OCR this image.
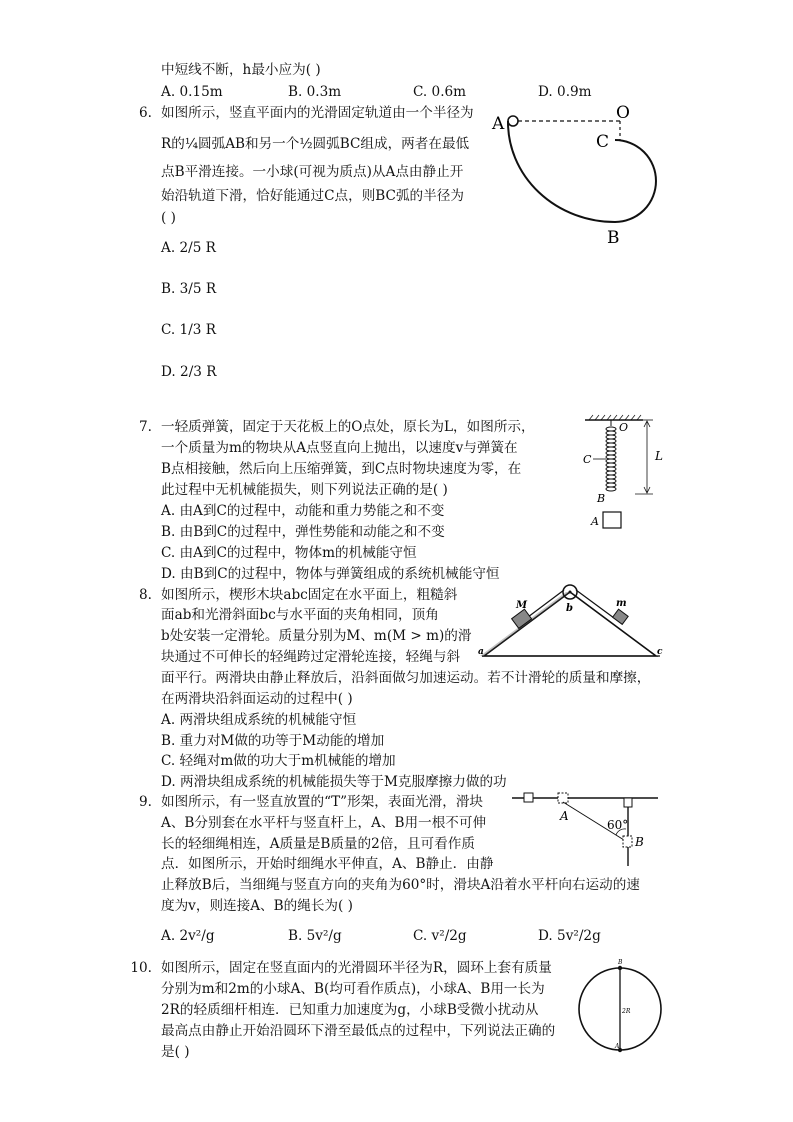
中短线不断，h最小应为( )
A. 0.15m	B. 0.3m	C. 0.6m	D. 0.9m
6. 如图所示，竖直平面内的光滑固定轨道由一个半径为
R的¼圆弧AB和另一个½圆弧BC组成，两者在最低
点B平滑连接。一小球(可视为质点)从A点由静止开
始沿轨道下滑，恰好能通过C点，则BC弧的半径为
( )
A. 2/5 R
B. 3/5 R
C. 1/3 R
D. 2/3 R
A
O
C
B
7. 一轻质弹簧，固定于天花板上的O点处，原长为L，如图所示，
一个质量为m的物块从A点竖直向上抛出，以速度v与弹簧在
B点相接触，然后向上压缩弹簧，到C点时物块速度为零，在
此过程中无机械能损失，则下列说法正确的是( )
A. 由A到C的过程中，动能和重力势能之和不变
B. 由B到C的过程中，弹性势能和动能之和不变
C. 由A到C的过程中，物体m的机械能守恒
D. 由B到C的过程中，物体与弹簧组成的系统机械能守恒
O
C	L
B
A
8. 如图所示，楔形木块abc固定在水平面上，粗糙斜
面ab和光滑斜面bc与水平面的夹角相同，顶角
b处安装一定滑轮。质量分别为M、m(M > m)的滑
块通过不可伸长的轻绳跨过定滑轮连接，轻绳与斜
面平行。两滑块由静止释放后，沿斜面做匀加速运动。若不计滑轮的质量和摩擦，
在两滑块沿斜面运动的过程中( )
A. 两滑块组成系统的机械能守恒
B. 重力对M做的功等于M动能的增加
C. 轻绳对m做的功大于m机械能的增加
D. 两滑块组成系统的机械能损失等于M克服摩擦力做的功
M	b	m
a	c
9. 如图所示，有一竖直放置的“T”形架，表面光滑，滑块
A、B分别套在水平杆与竖直杆上，A、B用一根不可伸
长的轻细绳相连，A质量是B质量的2倍，且可看作质
点．如图所示，开始时细绳水平伸直，A、B静止．由静
止释放B后，当细绳与竖直方向的夹角为60°时，滑块A沿着水平杆向右运动的速
度为v，则连接A、B的绳长为( )
A. 2v²/g	B. 5v²/g	C. v²/2g	D. 5v²/2g
A
60°
B
10. 如图所示，固定在竖直面内的光滑圆环半径为R，圆环上套有质量
分别为m和2m的小球A、B(均可看作质点)，小球A、B用一长为
2R的轻质细杆相连．已知重力加速度为g，小球B受微小扰动从
最高点由静止开始沿圆环下滑至最低点的过程中，下列说法正确的
是( )
B
2R
A
